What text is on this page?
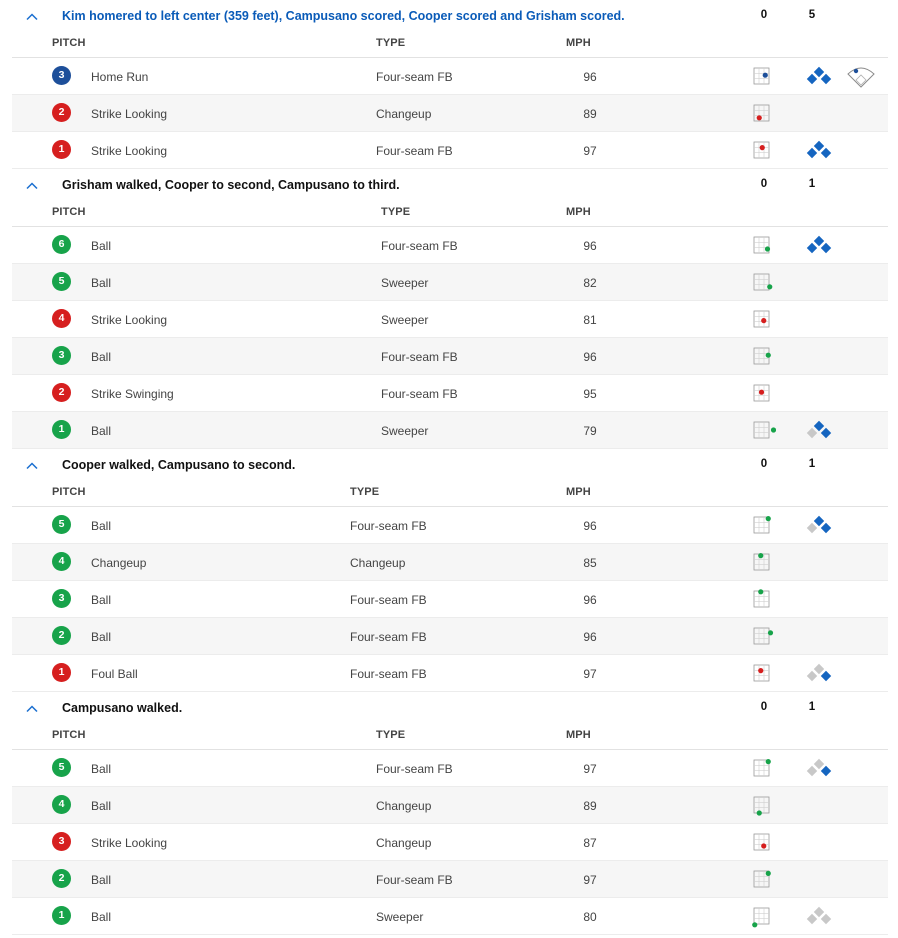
Kim homered to left center (359 feet), Campusano scored, Cooper scored and Grisham scored.	0	5
PITCH	TYPE	MPH
3	Home Run	Four-seam FB	96
2	Strike Looking	Changeup	89
1	Strike Looking	Four-seam FB	97
Grisham walked, Cooper to second, Campusano to third.	0	1
PITCH	TYPE	MPH
6	Ball	Four-seam FB	96
5	Ball	Sweeper	82
4	Strike Looking	Sweeper	81
3	Ball	Four-seam FB	96
2	Strike Swinging	Four-seam FB	95
1	Ball	Sweeper	79
Cooper walked, Campusano to second.	0	1
PITCH	TYPE	MPH
5	Ball	Four-seam FB	96
4	Changeup	Changeup	85
3	Ball	Four-seam FB	96
2	Ball	Four-seam FB	96
1	Foul Ball	Four-seam FB	97
Campusano walked.	0	1
PITCH	TYPE	MPH
5	Ball	Four-seam FB	97
4	Ball	Changeup	89
3	Strike Looking	Changeup	87
2	Ball	Four-seam FB	97
1	Ball	Sweeper	80
